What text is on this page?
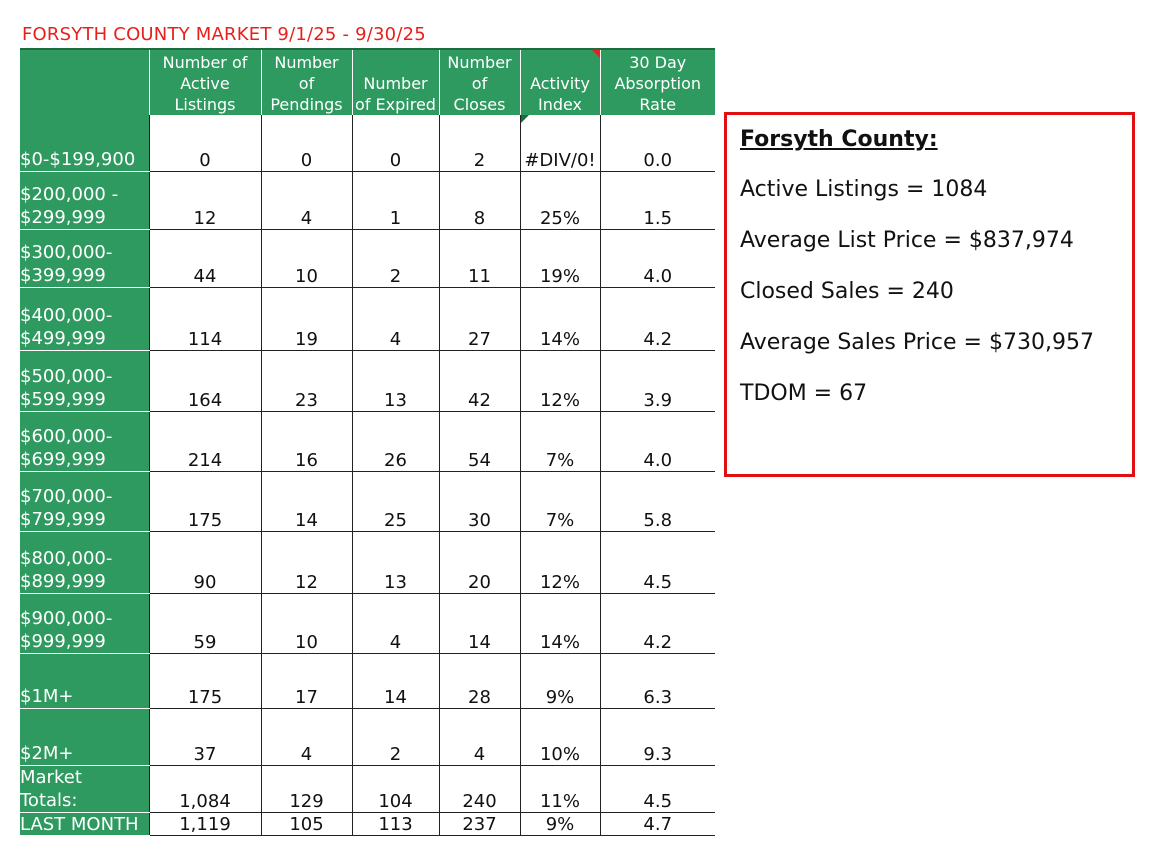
FORSYTH COUNTY MARKET 9/1/25 - 9/30/25
	Number of
Active
Listings	Number
of
Pendings	Number
of Expired	Number
of
Closes	Activity
Index	30 Day
Absorption
Rate
$0-$199,900	0	0	0	2	#DIV/0!	0.0
$200,000 -
$299,999	12	4	1	8	25%	1.5
$300,000-
$399,999	44	10	2	11	19%	4.0
$400,000-
$499,999	114	19	4	27	14%	4.2
$500,000-
$599,999	164	23	13	42	12%	3.9
$600,000-
$699,999	214	16	26	54	7%	4.0
$700,000-
$799,999	175	14	25	30	7%	5.8
$800,000-
$899,999	90	12	13	20	12%	4.5
$900,000-
$999,999	59	10	4	14	14%	4.2
$1M+	175	17	14	28	9%	6.3
$2M+	37	4	2	4	10%	9.3
Market
Totals:	1,084	129	104	240	11%	4.5
LAST MONTH	1,119	105	113	237	9%	4.7
Forsyth County:

Active Listings = 1084

Average List Price = $837,974

Closed Sales = 240

Average Sales Price = $730,957

TDOM = 67
